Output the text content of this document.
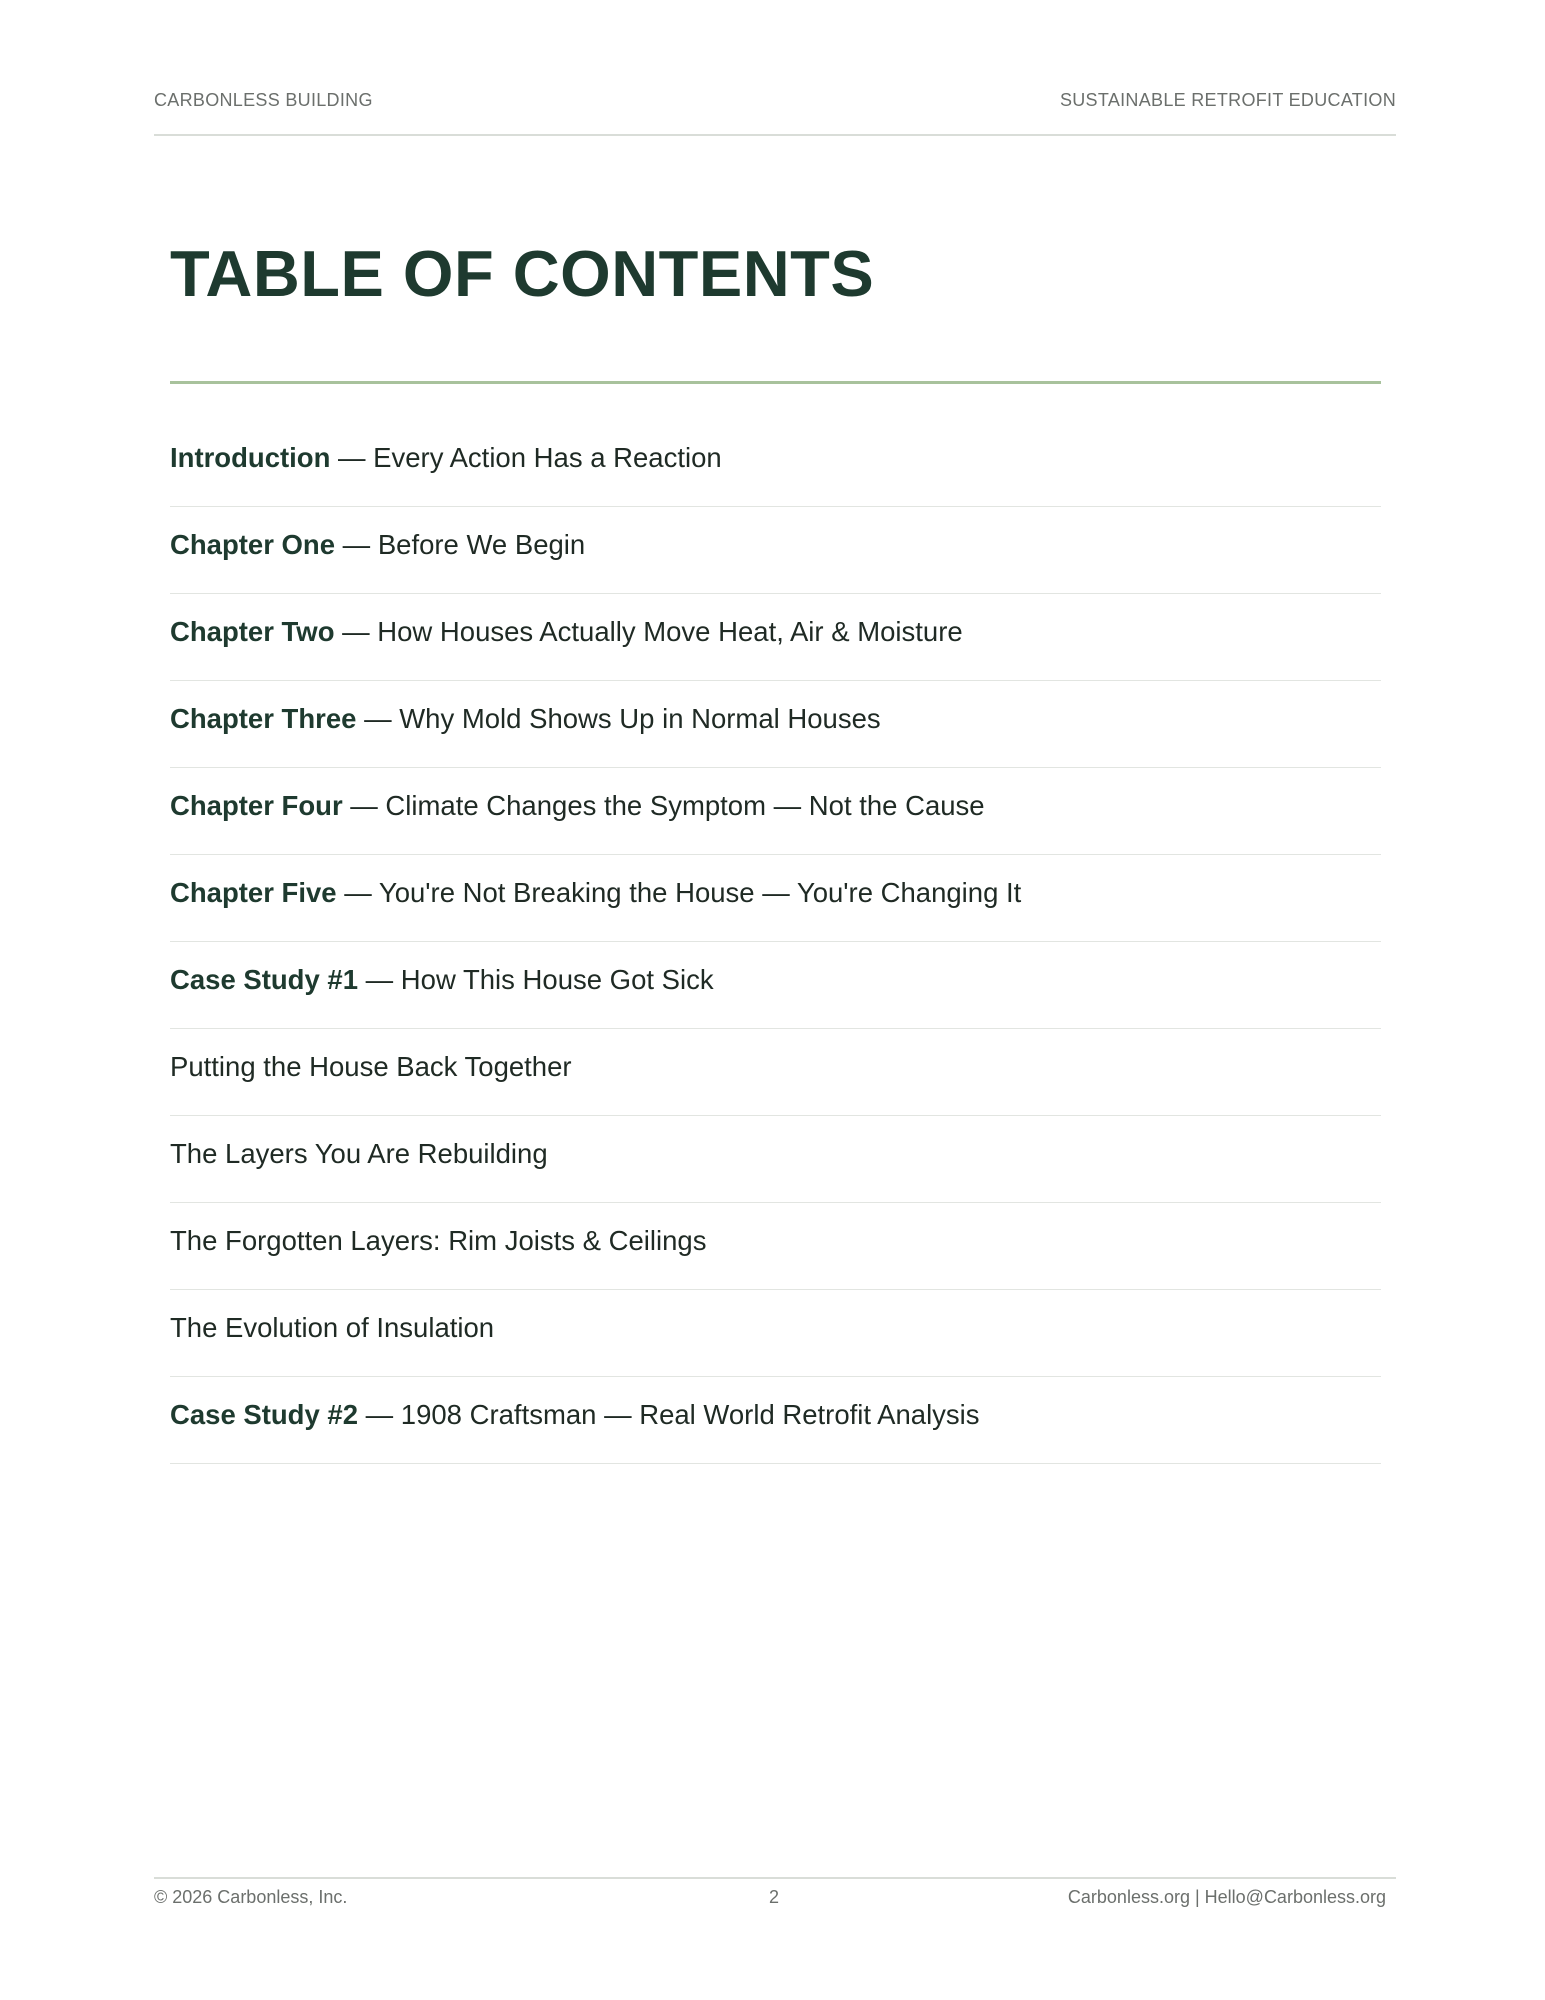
CARBONLESS BUILDING	SUSTAINABLE RETROFIT EDUCATION
TABLE OF CONTENTS
Introduction — Every Action Has a Reaction
Chapter One — Before We Begin
Chapter Two — How Houses Actually Move Heat, Air & Moisture
Chapter Three — Why Mold Shows Up in Normal Houses
Chapter Four — Climate Changes the Symptom — Not the Cause
Chapter Five — You're Not Breaking the House — You're Changing It
Case Study #1 — How This House Got Sick
Putting the House Back Together
The Layers You Are Rebuilding
The Forgotten Layers: Rim Joists & Ceilings
The Evolution of Insulation
Case Study #2 — 1908 Craftsman — Real World Retrofit Analysis
© 2026 Carbonless, Inc.	2	Carbonless.org | Hello@Carbonless.org
